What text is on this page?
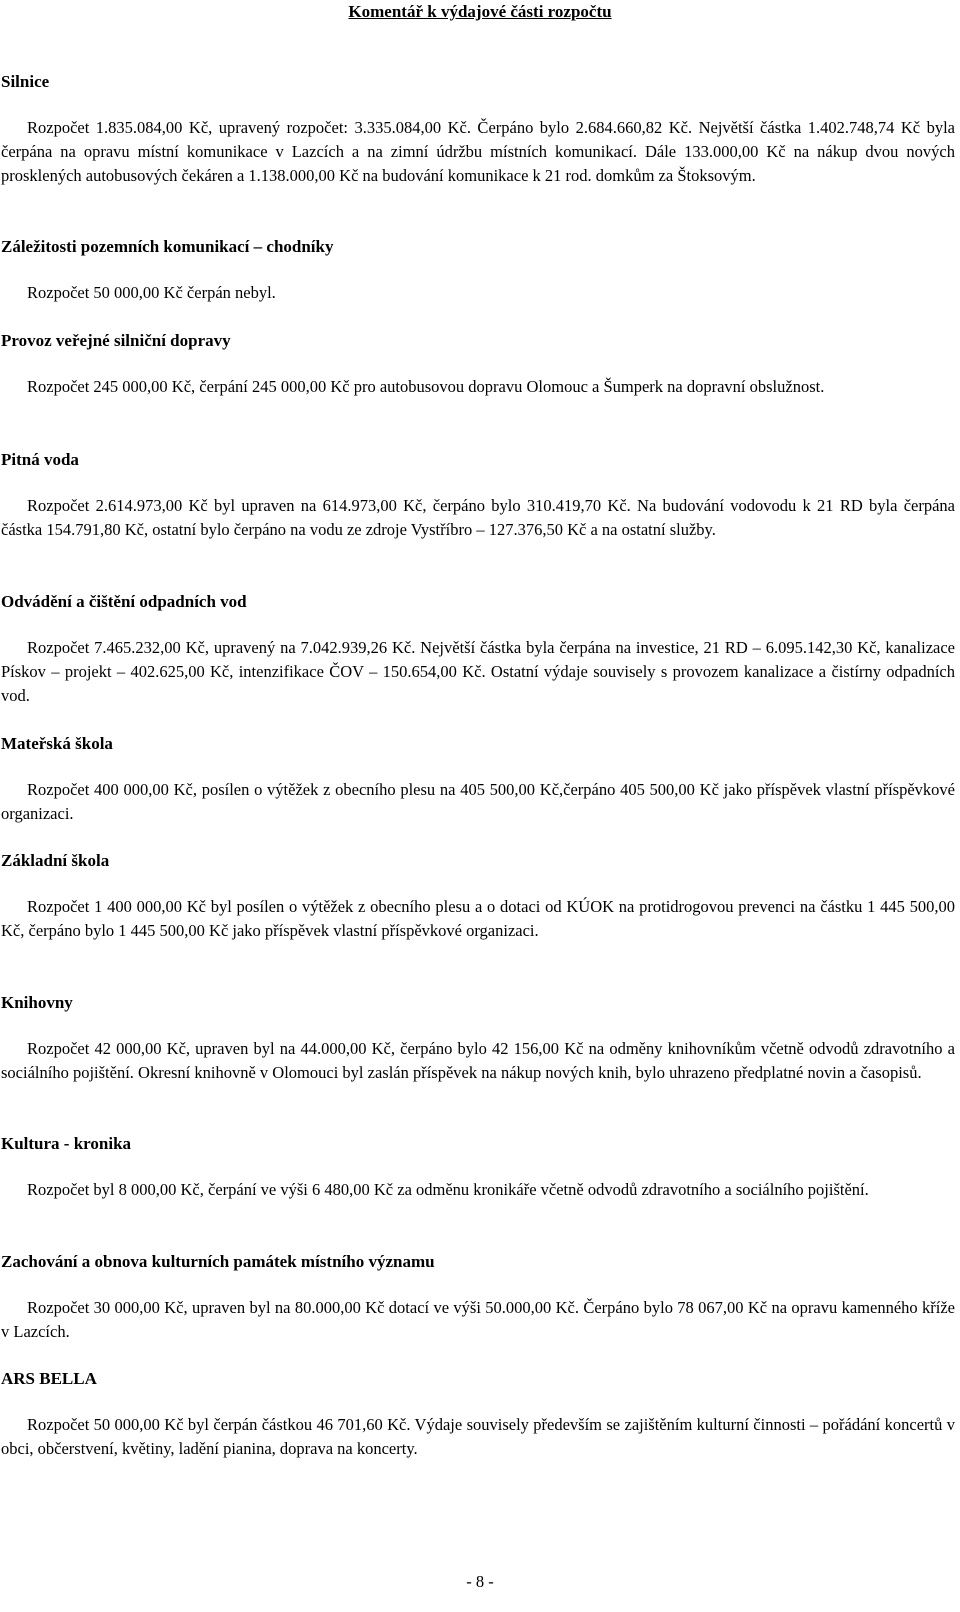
Komentář k výdajové části rozpočtu

Silnice

Rozpočet 1.835.084,00 Kč, upravený rozpočet: 3.335.084,00 Kč. Čerpáno bylo 2.684.660,82 Kč. Největší částka 1.402.748,74 Kč byla čerpána na opravu místní komunikace v Lazcích a na zimní údržbu místních komunikací. Dále 133.000,00 Kč na nákup dvou nových prosklených autobusových čekáren a 1.138.000,00 Kč na budování komunikace k 21 rod. domkům za Štoksovým.

Záležitosti pozemních komunikací – chodníky

Rozpočet 50 000,00 Kč čerpán nebyl.

Provoz veřejné silniční dopravy

Rozpočet 245 000,00 Kč, čerpání 245 000,00 Kč pro autobusovou dopravu Olomouc a Šumperk na dopravní obslužnost.

Pitná voda

Rozpočet 2.614.973,00 Kč byl upraven na 614.973,00 Kč, čerpáno bylo 310.419,70 Kč. Na budování vodovodu k 21 RD byla čerpána částka 154.791,80 Kč, ostatní bylo čerpáno na vodu ze zdroje Vystříbro – 127.376,50 Kč a na ostatní služby.

Odvádění a čištění odpadních vod

Rozpočet 7.465.232,00 Kč, upravený na 7.042.939,26 Kč. Největší částka byla čerpána na investice, 21 RD – 6.095.142,30 Kč, kanalizace Pískov – projekt – 402.625,00 Kč, intenzifikace ČOV – 150.654,00 Kč. Ostatní výdaje souvisely s provozem kanalizace a čistírny odpadních vod.

Mateřská škola

Rozpočet 400 000,00 Kč, posílen o výtěžek z obecního plesu na 405 500,00 Kč,čerpáno 405 500,00 Kč jako příspěvek vlastní příspěvkové organizaci.

Základní škola

Rozpočet 1 400 000,00 Kč byl posílen o výtěžek z obecního plesu a o dotaci od KÚOK na protidrogovou prevenci na částku 1 445 500,00 Kč, čerpáno bylo 1 445 500,00 Kč jako příspěvek vlastní příspěvkové organizaci.

Knihovny

Rozpočet 42 000,00 Kč, upraven byl na 44.000,00 Kč, čerpáno bylo 42 156,00 Kč na odměny knihovníkům včetně odvodů zdravotního a sociálního pojištění. Okresní knihovně v Olomouci byl zaslán příspěvek na nákup nových knih, bylo uhrazeno předplatné novin a časopisů.

Kultura - kronika

Rozpočet byl 8 000,00 Kč, čerpání ve výši 6 480,00 Kč za odměnu kronikáře včetně odvodů zdravotního a sociálního pojištění.

Zachování a obnova kulturních památek místního významu

Rozpočet 30 000,00 Kč, upraven byl na 80.000,00 Kč dotací ve výši 50.000,00 Kč. Čerpáno bylo 78 067,00 Kč na opravu kamenného kříže v Lazcích.

ARS BELLA

Rozpočet 50 000,00 Kč byl čerpán částkou 46 701,60 Kč. Výdaje souvisely především se zajištěním kulturní činnosti – pořádání koncertů v obci, občerstvení, květiny, ladění pianina, doprava na koncerty.

- 8 -
